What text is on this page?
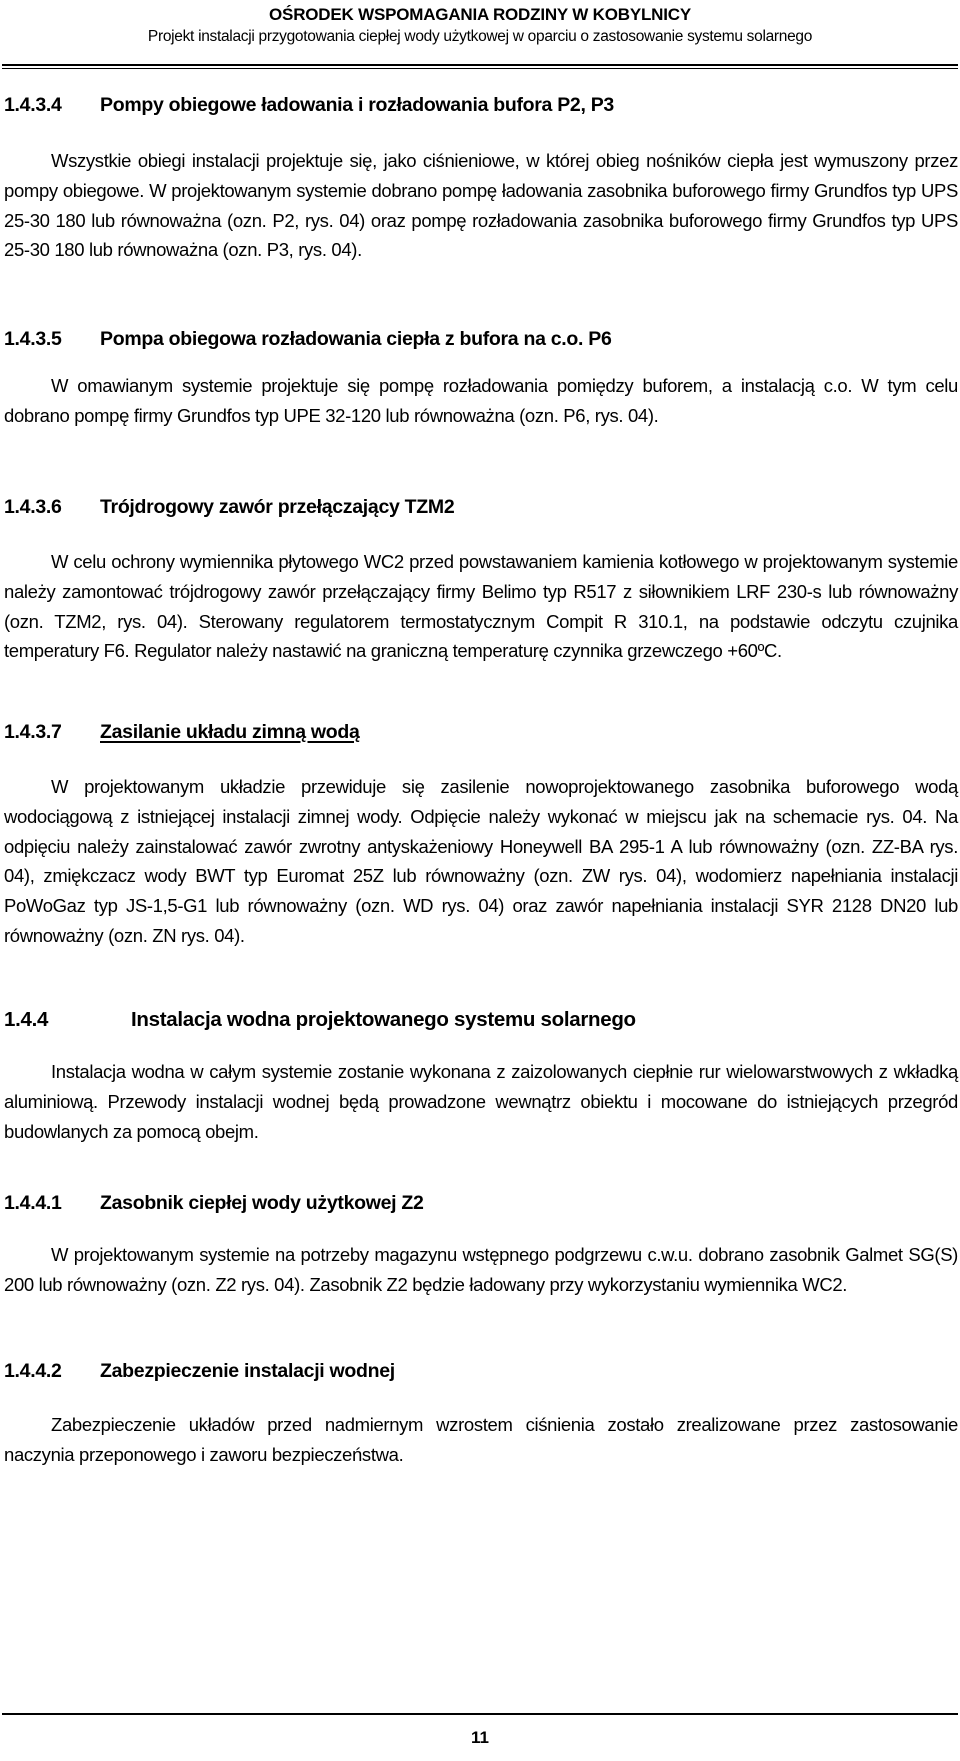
OŚRODEK WSPOMAGANIA RODZINY W KOBYLNICY
Projekt instalacji przygotowania ciepłej wody użytkowej w oparciu o zastosowanie systemu solarnego
1.4.3.4 Pompy obiegowe ładowania i rozładowania bufora P2, P3
Wszystkie obiegi instalacji projektuje się, jako ciśnieniowe, w której obieg nośników ciepła jest wymuszony przez pompy obiegowe. W projektowanym systemie dobrano pompę ładowania zasobnika buforowego firmy Grundfos typ UPS 25-30 180 lub równoważna (ozn. P2, rys. 04) oraz pompę rozładowania zasobnika buforowego firmy Grundfos typ UPS 25-30 180 lub równoważna (ozn. P3, rys. 04).
1.4.3.5 Pompa obiegowa rozładowania ciepła z bufora na c.o. P6
W omawianym systemie projektuje się pompę rozładowania pomiędzy buforem, a instalacją c.o. W tym celu dobrano pompę firmy Grundfos typ UPE 32-120 lub równoważna (ozn. P6, rys. 04).
1.4.3.6 Trójdrogowy zawór przełączający TZM2
W celu ochrony wymiennika płytowego WC2 przed powstawaniem kamienia kotłowego w projektowanym systemie należy zamontować trójdrogowy zawór przełączający firmy Belimo typ R517 z siłownikiem LRF 230-s lub równoważny (ozn. TZM2, rys. 04). Sterowany regulatorem termostatycznym Compit R 310.1, na podstawie odczytu czujnika temperatury F6. Regulator należy nastawić na graniczną temperaturę czynnika grzewczego +60ºC.
1.4.3.7 Zasilanie układu zimną wodą
W projektowanym układzie przewiduje się zasilenie nowoprojektowanego zasobnika buforowego wodą wodociągową z istniejącej instalacji zimnej wody. Odpięcie należy wykonać w miejscu jak na schemacie rys. 04. Na odpięciu należy zainstalować zawór zwrotny antyskażeniowy Honeywell BA 295-1 A lub równoważny (ozn. ZZ-BA rys. 04), zmiękczacz wody BWT typ Euromat 25Z lub równoważny (ozn. ZW rys. 04), wodomierz napełniania instalacji PoWoGaz typ JS-1,5-G1 lub równoważny (ozn. WD rys. 04) oraz zawór napełniania instalacji SYR 2128 DN20 lub równoważny (ozn. ZN rys. 04).
1.4.4	Instalacja wodna projektowanego systemu solarnego
Instalacja wodna w całym systemie zostanie wykonana z zaizolowanych ciepłnie rur wielowarstwowych z wkładką aluminiową. Przewody instalacji wodnej będą prowadzone wewnątrz obiektu i mocowane do istniejących przegród budowlanych za pomocą obejm.
1.4.4.1 Zasobnik ciepłej wody użytkowej Z2
W projektowanym systemie na potrzeby magazynu wstępnego podgrzewu c.w.u. dobrano zasobnik Galmet SG(S) 200 lub równoważny (ozn. Z2 rys. 04). Zasobnik Z2 będzie ładowany przy wykorzystaniu wymiennika WC2.
1.4.4.2 Zabezpieczenie instalacji wodnej
Zabezpieczenie układów przed nadmiernym wzrostem ciśnienia zostało zrealizowane przez zastosowanie naczynia przeponowego i zaworu bezpieczeństwa.
11
